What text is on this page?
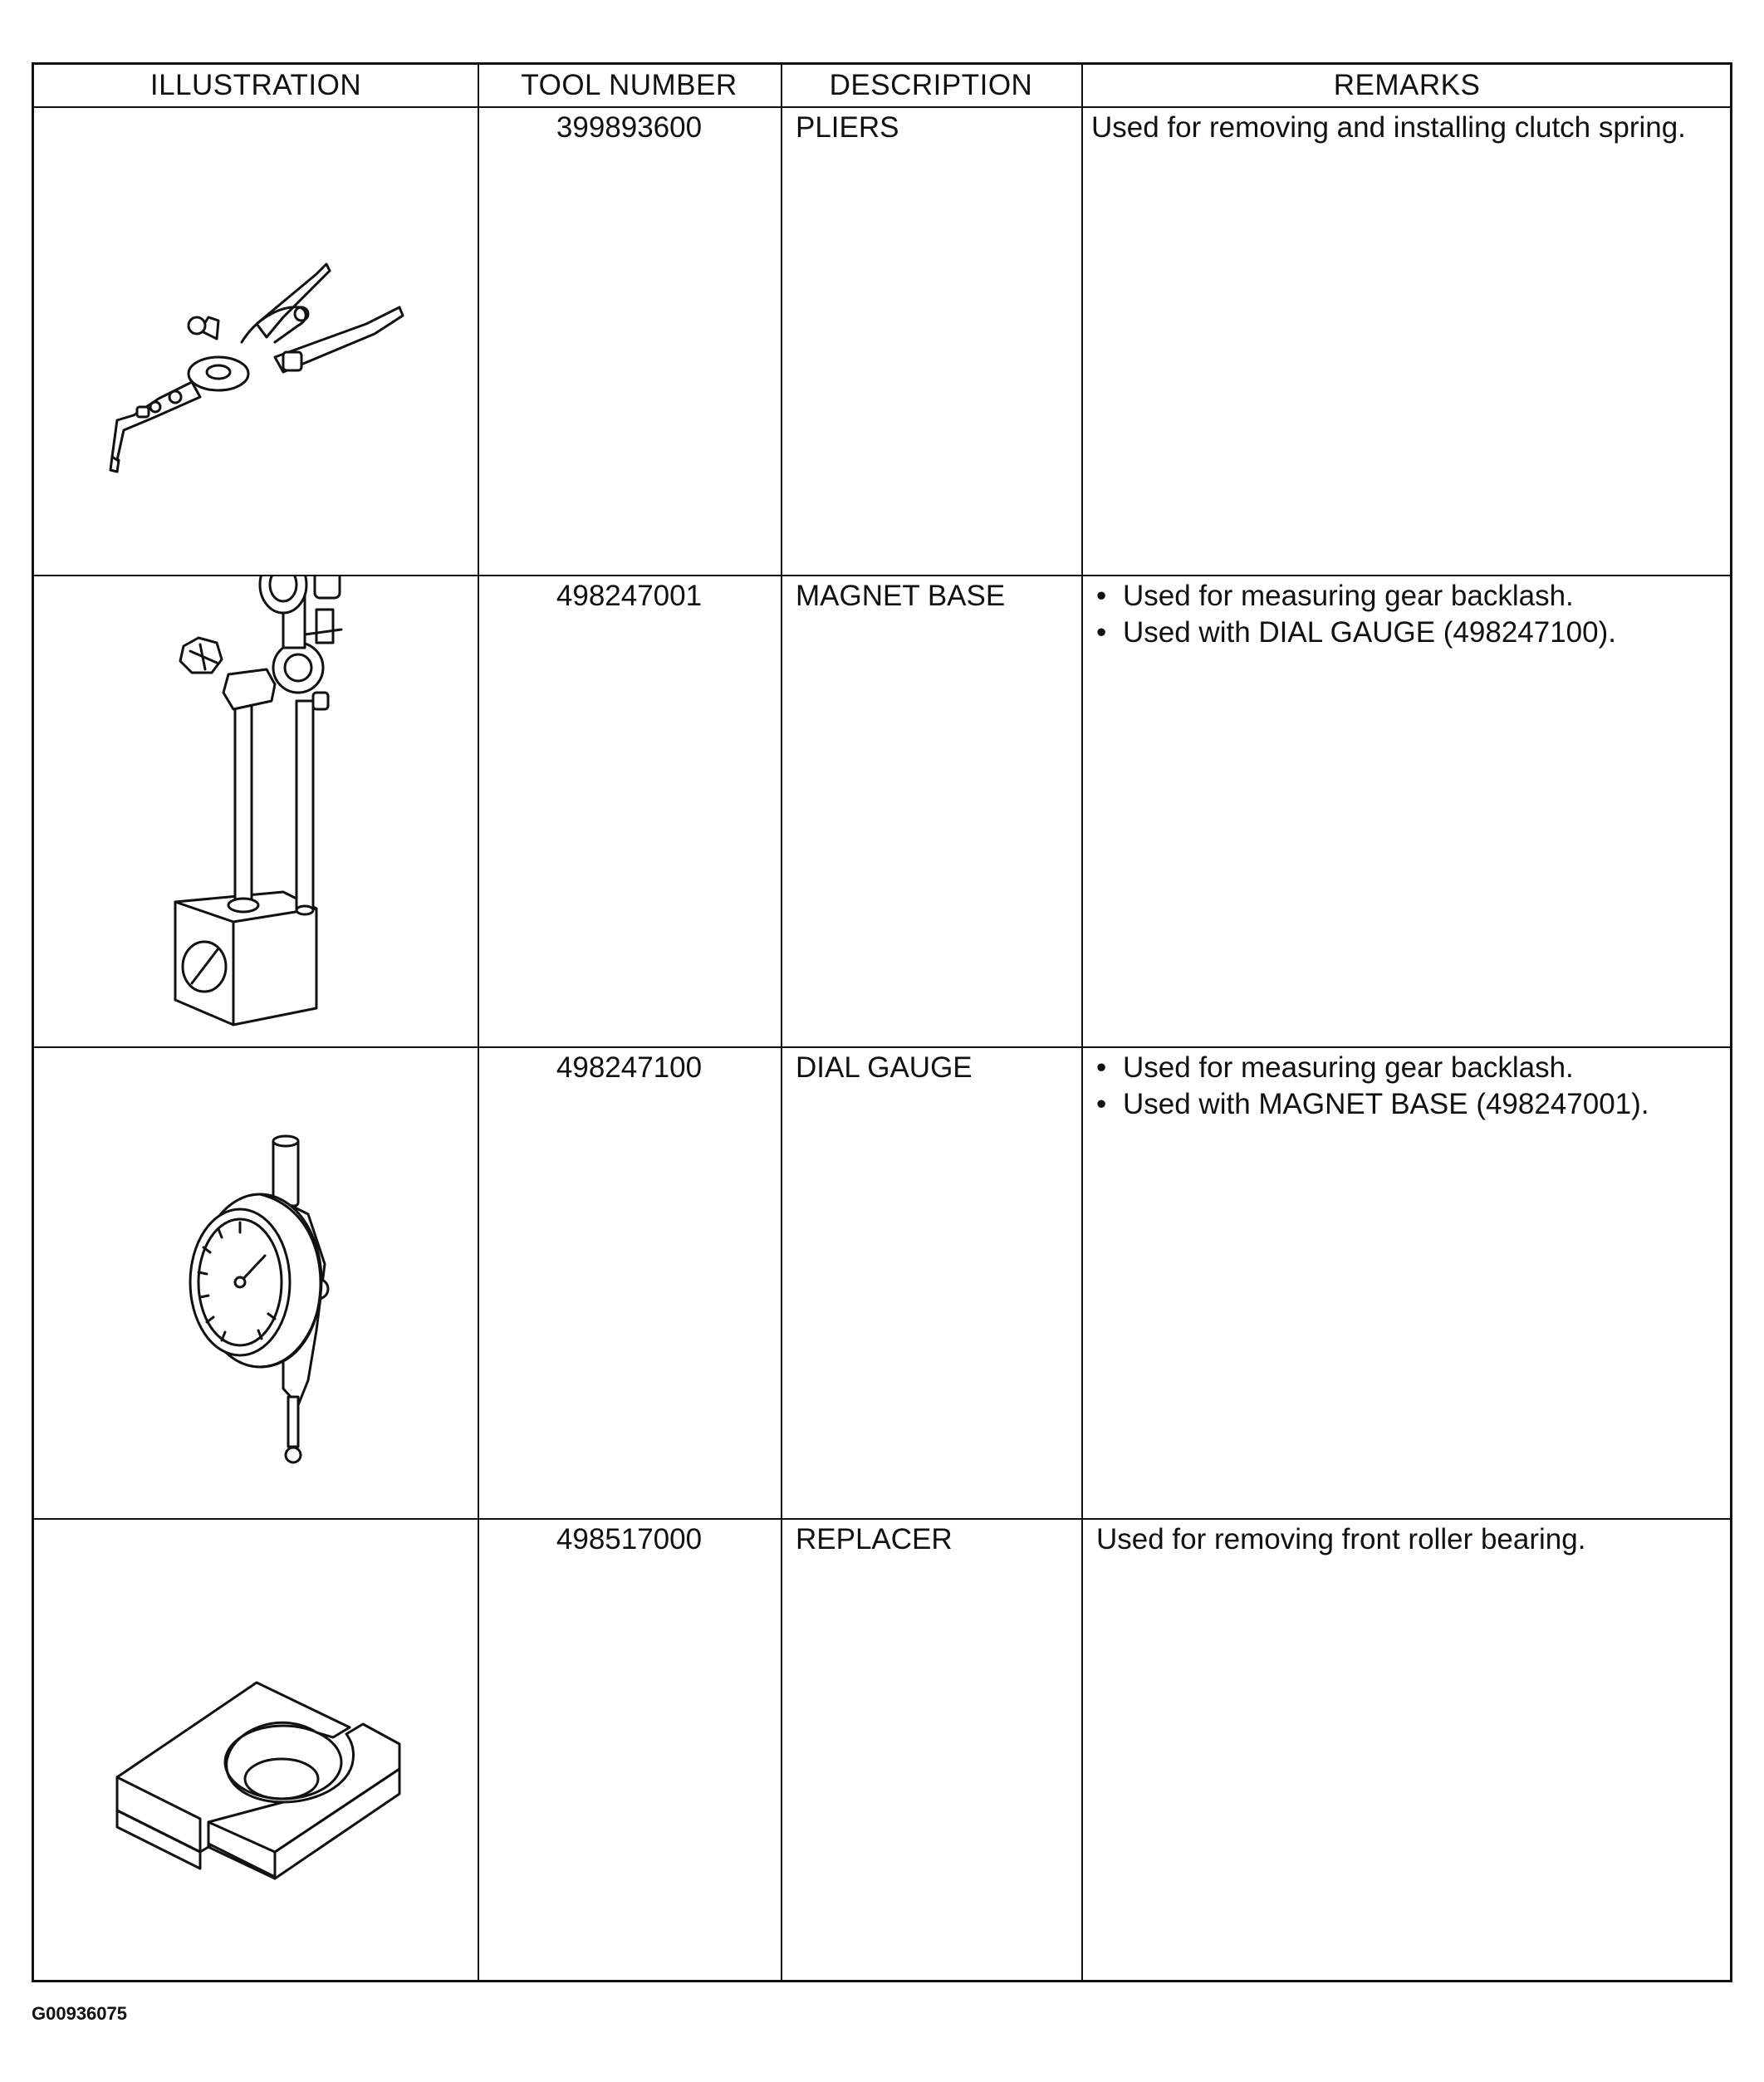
ILLUSTRATION	TOOL NUMBER	DESCRIPTION	REMARKS
399893600	PLIERS	Used for removing and installing clutch spring.
498247001	MAGNET BASE	• Used for measuring gear backlash.
• Used with DIAL GAUGE (498247100).
498247100	DIAL GAUGE	• Used for measuring gear backlash.
• Used with MAGNET BASE (498247001).
498517000	REPLACER	Used for removing front roller bearing.
G00936075
